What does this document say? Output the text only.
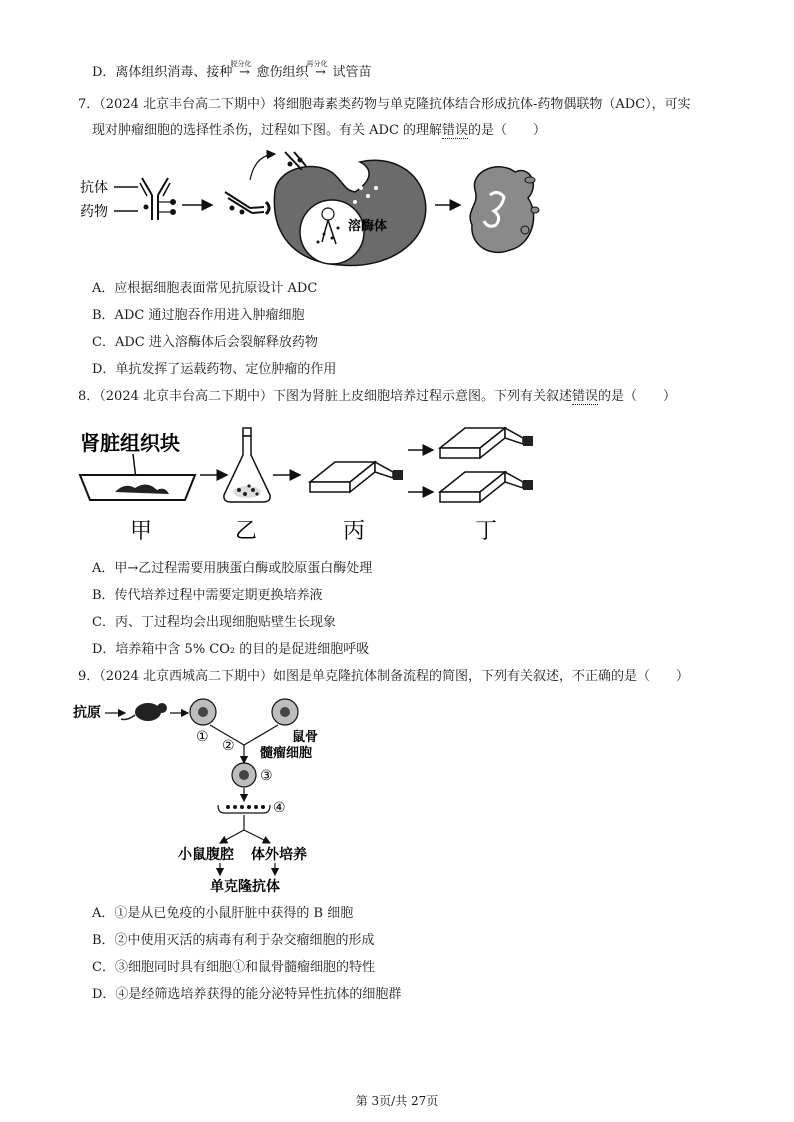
D．离体组织消毒、接种
脱分化
→ 愈伤组织
再分化
→ 试管苗
7．（2024 北京丰台高二下期中）将细胞毒素类药物与单克隆抗体结合形成抗体-药物偶联物（ADC），可实
现对肿瘤细胞的选择性杀伤，过程如下图。有关 ADC 的理解错误的是（　　）
抗体
药物
溶酶体
A．应根据细胞表面常见抗原设计 ADC
B．ADC 通过胞吞作用进入肿瘤细胞
C．ADC 进入溶酶体后会裂解释放药物
D．单抗发挥了运载药物、定位肿瘤的作用
8．（2024 北京丰台高二下期中）下图为肾脏上皮细胞培养过程示意图。下列有关叙述错误的是（　　）
肾脏组织块
甲	乙	丙	丁
A．甲→乙过程需要用胰蛋白酶或胶原蛋白酶处理
B．传代培养过程中需要定期更换培养液
C．丙、丁过程均会出现细胞贴壁生长现象
D．培养箱中含 5% CO₂ 的目的是促进细胞呼吸
9．（2024 北京西城高二下期中）如图是单克隆抗体制备流程的简图，下列有关叙述，不正确的是（　　）
抗原
①	鼠骨
髓瘤细胞
②
③
④
小鼠腹腔 体外培养
单克隆抗体
A．①是从已免疫的小鼠肝脏中获得的 B 细胞
B．②中使用灭活的病毒有利于杂交瘤细胞的形成
C．③细胞同时具有细胞①和鼠骨髓瘤细胞的特性
D．④是经筛选培养获得的能分泌特异性抗体的细胞群
第 3页/共 27页
